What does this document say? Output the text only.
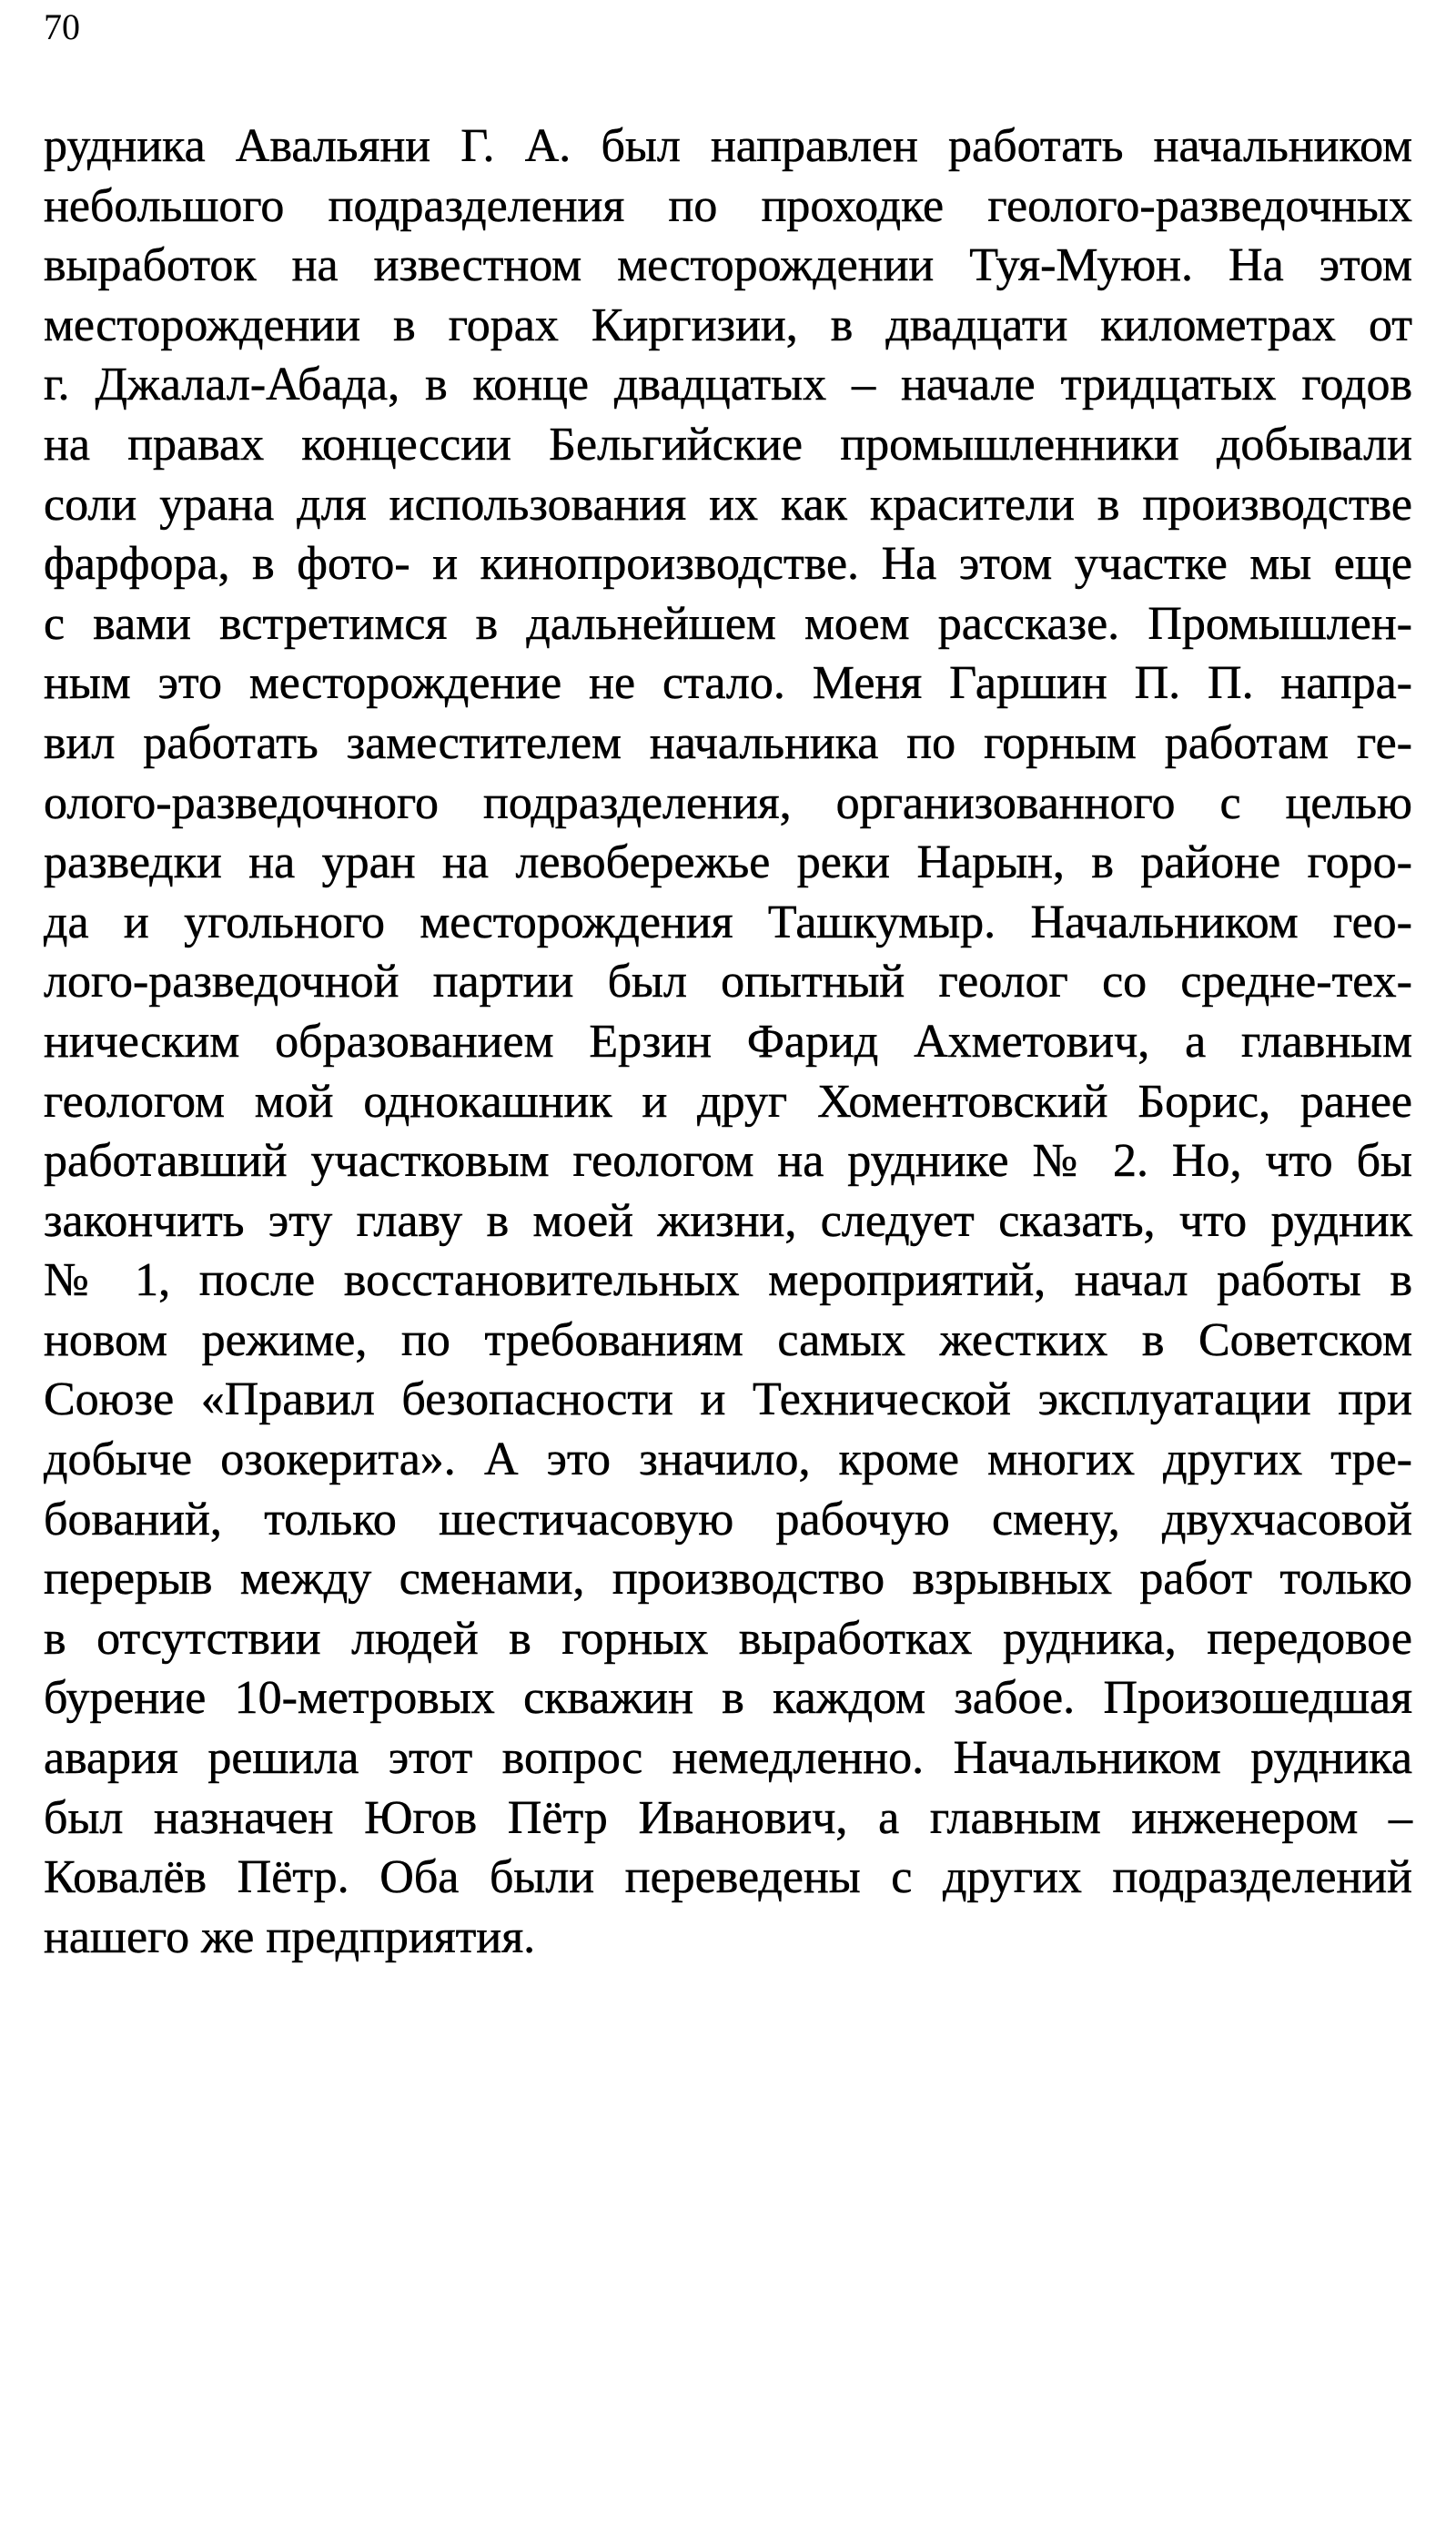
70
рудника Авальяни Г. А. был направлен работать начальником
небольшого подразделения по проходке геолого-разведочных
выработок на известном месторождении Туя-Муюн. На этом
месторождении в горах Киргизии, в двадцати километрах от
г. Джалал-Абада, в конце двадцатых – начале тридцатых годов
на правах концессии Бельгийские промышленники добывали
соли урана для использования их как красители в производстве
фарфора, в фото- и кинопроизводстве. На этом участке мы еще
с вами встретимся в дальнейшем моем рассказе. Промышлен-
ным это месторождение не стало. Меня Гаршин П. П. напра-
вил работать заместителем начальника по горным работам ге-
олого-разведочного подразделения, организованного с целью
разведки на уран на левобережье реки Нарын, в районе горо-
да и угольного месторождения Ташкумыр. Начальником гео-
лого-разведочной партии был опытный геолог со средне-тех-
ническим образованием Ерзин Фарид Ахметович, а главным
геологом мой однокашник и друг Хоментовский Борис, ранее
работавший участковым геологом на руднике № 2. Но, что бы
закончить эту главу в моей жизни, следует сказать, что рудник
№ 1, после восстановительных мероприятий, начал работы в
новом режиме, по требованиям самых жестких в Советском
Союзе «Правил безопасности и Технической эксплуатации при
добыче озокерита». А это значило, кроме многих других тре-
бований, только шестичасовую рабочую смену, двухчасовой
перерыв между сменами, производство взрывных работ только
в отсутствии людей в горных выработках рудника, передовое
бурение 10-метровых скважин в каждом забое. Произошедшая
авария решила этот вопрос немедленно. Начальником рудника
был назначен Югов Пётр Иванович, а главным инженером –
Ковалёв Пётр. Оба были переведены с других подразделений
нашего же предприятия.
